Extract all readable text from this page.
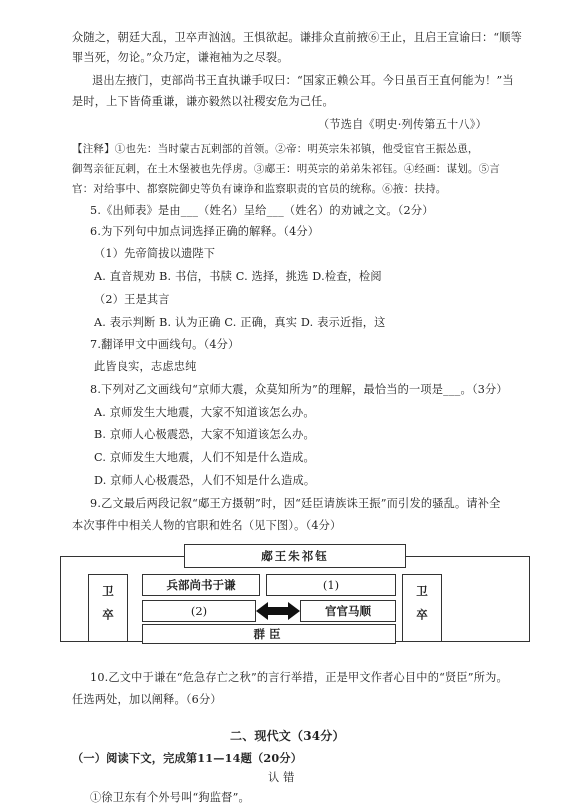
众随之，朝廷大乱，卫卒声汹汹。王惧欲起。谦排众直前掖⑥王止，且启王宣谕曰：“顺等
罪当死，勿论。”众乃定，谦袍袖为之尽裂。
退出左掖门，吏部尚书王直执谦手叹曰：“国家正赖公耳。今日虽百王直何能为！”当
是时，上下皆倚重谦，谦亦毅然以社稷安危为己任。
（节选自《明史·列传第五十八》）
【注释】①也先：当时蒙古瓦剌部的首领。②帝：明英宗朱祁镇，他受宦官王振怂恿，
御驾亲征瓦剌，在土木堡被也先俘虏。③郕王：明英宗的弟弟朱祁钰。④经画：谋划。⑤言
官：对给事中、都察院御史等负有谏诤和监察职责的官员的统称。⑥掖：扶持。
5.《出师表》是由___（姓名）呈给___（姓名）的劝诫之文。（2分）
6.为下列句中加点词选择正确的解释。（4分）
（1）先帝简拔以遗陛下
A. 直音规劝 B. 书信，书牍 C. 选择，挑选 D.检查，检阅
（2）王是其言
A. 表示判断 B. 认为正确 C. 正确，真实 D. 表示近指，这
7.翻译甲文中画线句。（4分）
此皆良实，志虑忠纯
8.下列对乙文画线句“京师大震，众莫知所为”的理解，最恰当的一项是___。（3分）
A. 京师发生大地震，大家不知道该怎么办。
B. 京师人心极震恐，大家不知道该怎么办。
C. 京师发生大地震，人们不知是什么造成。
D. 京师人心极震恐，人们不知是什么造成。
9.乙文最后两段记叙“郕王方摄朝”时，因“廷臣请族诛王振”而引发的骚乱。请补全
本次事件中相关人物的官职和姓名（见下图）。（4分）
郕王朱祁钰
卫卒	卫卒
兵部尚书于谦	(1)
(2)	官官马顺
群臣
10.乙文中于谦在“危急存亡之秋”的言行举措，正是甲文作者心目中的“贤臣”所为。
任选两处，加以阐释。（6分）
二、现代文（34分）
（一）阅读下文，完成第11—14题（20分）
认 错
①徐卫东有个外号叫“狗监督”。
